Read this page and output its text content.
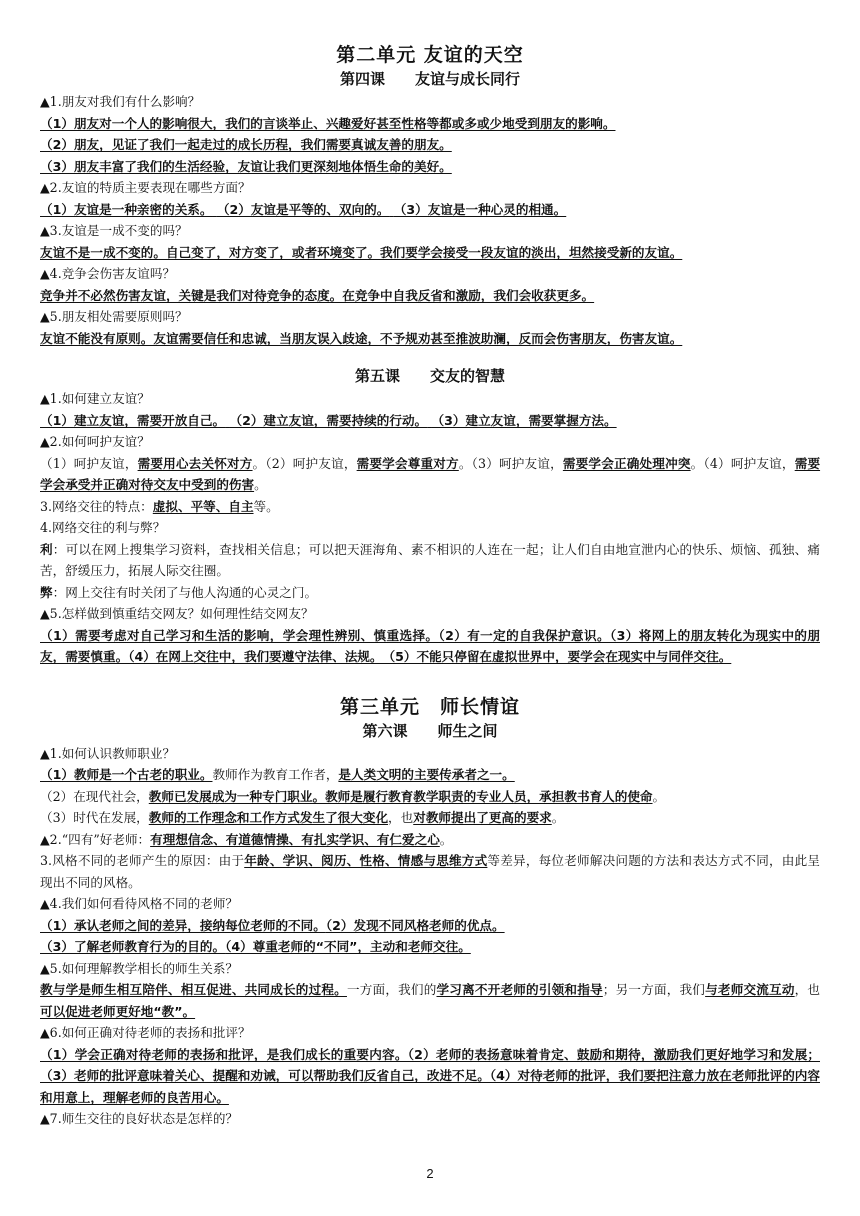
第二单元 友谊的天空
第四课　　友谊与成长同行
▲1.朋友对我们有什么影响？
（1）朋友对一个人的影响很大，我们的言谈举止、兴趣爱好甚至性格等都或多或少地受到朋友的影响。
（2）朋友，见证了我们一起走过的成长历程，我们需要真诚友善的朋友。
（3）朋友丰富了我们的生活经验，友谊让我们更深刻地体悟生命的美好。
▲2.友谊的特质主要表现在哪些方面？
（1）友谊是一种亲密的关系。 （2）友谊是平等的、双向的。 （3）友谊是一种心灵的相通。
▲3.友谊是一成不变的吗？
友谊不是一成不变的。自己变了，对方变了，或者环境变了。我们要学会接受一段友谊的淡出，坦然接受新的友谊。
▲4.竞争会伤害友谊吗？
竞争并不必然伤害友谊，关键是我们对待竞争的态度。在竞争中自我反省和激励，我们会收获更多。
▲5.朋友相处需要原则吗？
友谊不能没有原则。友谊需要信任和忠诚，当朋友误入歧途，不予规劝甚至推波助澜，反而会伤害朋友，伤害友谊。
第五课　　交友的智慧
▲1.如何建立友谊？
（1）建立友谊，需要开放自己。 （2）建立友谊，需要持续的行动。 （3）建立友谊，需要掌握方法。
▲2.如何呵护友谊？
（1）呵护友谊，需要用心去关怀对方。（2）呵护友谊，需要学会尊重对方。（3）呵护友谊，需要学会正确处理冲突。（4）呵护友谊，需要学会承受并正确对待交友中受到的伤害。
3.网络交往的特点：虚拟、平等、自主等。
4.网络交往的利与弊？
利：可以在网上搜集学习资料，查找相关信息；可以把天涯海角、素不相识的人连在一起；让人们自由地宣泄内心的快乐、烦恼、孤独、痛苦，舒缓压力，拓展人际交往圈。
弊：网上交往有时关闭了与他人沟通的心灵之门。
▲5.怎样做到慎重结交网友？如何理性结交网友？
（1）需要考虑对自己学习和生活的影响，学会理性辨别、慎重选择。（2）有一定的自我保护意识。（3）将网上的朋友转化为现实中的朋友，需要慎重。（4）在网上交往中，我们要遵守法律、法规。　（5）不能只停留在虚拟世界中，要学会在现实中与同伴交往。
第三单元　师长情谊
第六课　　师生之间
▲1.如何认识教师职业？
（1）教师是一个古老的职业。教师作为教育工作者，是人类文明的主要传承者之一。
（2）在现代社会，教师已发展成为一种专门职业。教师是履行教育教学职责的专业人员，承担教书育人的使命。
（3）时代在发展，教师的工作理念和工作方式发生了很大变化，也对教师提出了更高的要求。
▲2.“四有”好老师：有理想信念、有道德情操、有扎实学识、有仁爱之心。
3.风格不同的老师产生的原因：由于年龄、学识、阅历、性格、情感与思维方式等差异，每位老师解决问题的方法和表达方式不同，由此呈现出不同的风格。
▲4.我们如何看待风格不同的老师？
（1）承认老师之间的差异，接纳每位老师的不同。（2）发现不同风格老师的优点。
（3）了解老师教育行为的目的。（4）尊重老师的“不同”，主动和老师交往。
▲5.如何理解教学相长的师生关系？
教与学是师生相互陪伴、相互促进、共同成长的过程。一方面，我们的学习离不开老师的引领和指导；另一方面，我们与老师交流互动，也可以促进老师更好地“教”。
▲6.如何正确对待老师的表扬和批评？
（1）学会正确对待老师的表扬和批评，是我们成长的重要内容。（2）老师的表扬意味着肯定、鼓励和期待，激励我们更好地学习和发展；（3）老师的批评意味着关心、提醒和劝诫，可以帮助我们反省自己，改进不足。（4）对待老师的批评，我们要把注意力放在老师批评的内容和用意上，理解老师的良苦用心。
▲7.师生交往的良好状态是怎样的？
2
